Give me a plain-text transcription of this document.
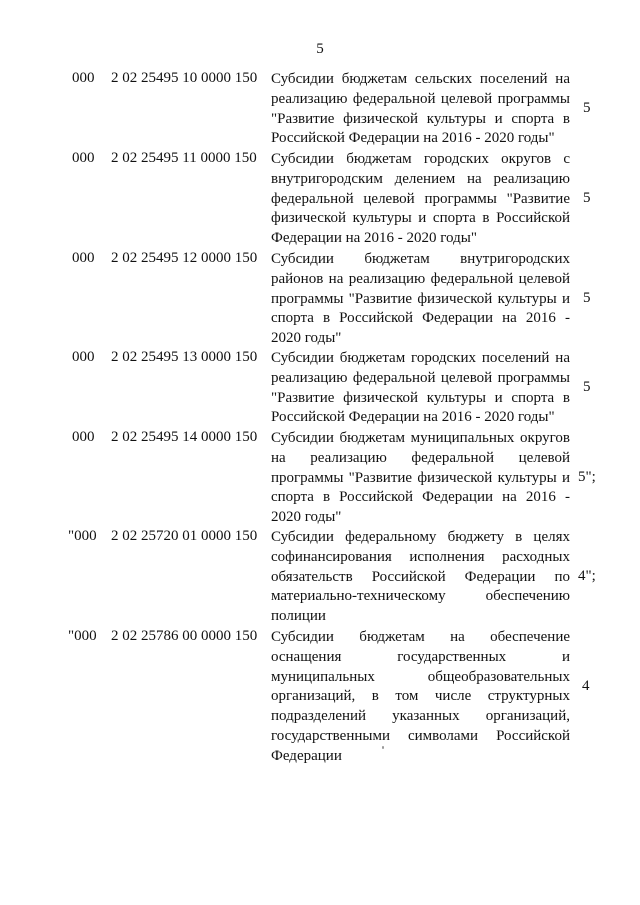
5
000 2 02 25495 10 0000 150 Субсидии бюджетам сельских поселений на реализацию федеральной целевой программы "Развитие физической культуры и спорта в Российской Федерации на 2016 - 2020 годы"
5
000 2 02 25495 11 0000 150 Субсидии бюджетам городских округов с внутригородским делением на реализацию федеральной целевой программы "Развитие физической культуры и спорта в Российской Федерации на 2016 - 2020 годы"
5
000 2 02 25495 12 0000 150 Субсидии бюджетам внутригородских районов на реализацию федеральной целевой программы "Развитие физической культуры и спорта в Российской Федерации на 2016 - 2020 годы"
5
000 2 02 25495 13 0000 150 Субсидии бюджетам городских поселений на реализацию федеральной целевой программы "Развитие физической культуры и спорта в Российской Федерации на 2016 - 2020 годы"
5
000 2 02 25495 14 0000 150 Субсидии бюджетам муниципальных округов на реализацию федеральной целевой программы "Развитие физической культуры и спорта в Российской Федерации на 2016 - 2020 годы"
5";
"000 2 02 25720 01 0000 150 Субсидии федеральному бюджету в целях софинансирования исполнения расходных обязательств Российской Федерации по материально-техническому обеспечению полиции
4";
"000 2 02 25786 00 0000 150 Субсидии бюджетам на обеспечение оснащения государственных и муниципальных общеобразовательных организаций, в том числе структурных подразделений указанных организаций, государственными символами Российской Федерации
4
